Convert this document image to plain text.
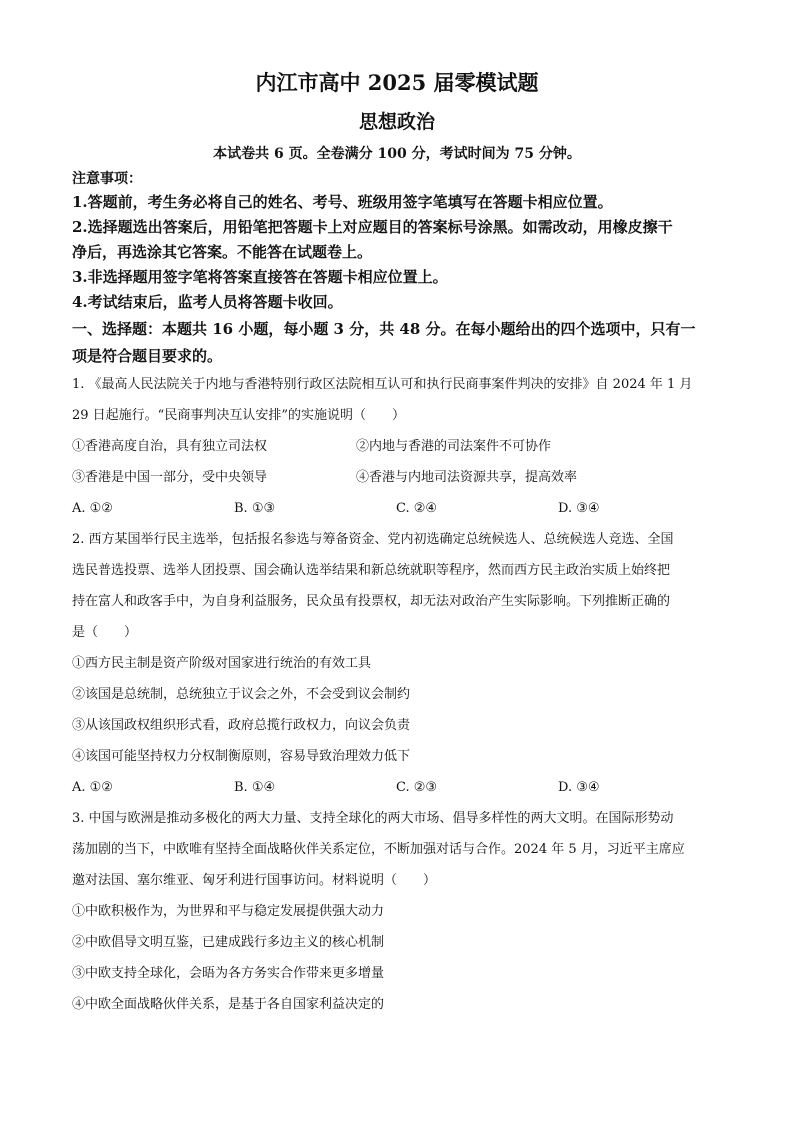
内江市高中 2025 届零模试题
思想政治
本试卷共 6 页。全卷满分 100 分，考试时间为 75 分钟。
注意事项：
1.答题前，考生务必将自己的姓名、考号、班级用签字笔填写在答题卡相应位置。
2.选择题选出答案后，用铅笔把答题卡上对应题目的答案标号涂黑。如需改动，用橡皮擦干
净后，再选涂其它答案。不能答在试题卷上。
3.非选择题用签字笔将答案直接答在答题卡相应位置上。
4.考试结束后，监考人员将答题卡收回。
一、选择题：本题共 16 小题，每小题 3 分，共 48 分。在每小题给出的四个选项中，只有一
项是符合题目要求的。
1. 《最高人民法院关于内地与香港特别行政区法院相互认可和执行民商事案件判决的安排》自 2024 年 1 月
29 日起施行。“民商事判决互认安排”的实施说明（　　）
①香港高度自治，具有独立司法权	②内地与香港的司法案件不可协作
③香港是中国一部分，受中央领导	④香港与内地司法资源共享，提高效率
A. ①②	B. ①③	C. ②④	D. ③④
2. 西方某国举行民主选举，包括报名参选与筹备资金、党内初选确定总统候选人、总统候选人竞选、全国
选民普选投票、选举人团投票、国会确认选举结果和新总统就职等程序，然而西方民主政治实质上始终把
持在富人和政客手中，为自身利益服务，民众虽有投票权，却无法对政治产生实际影响。下列推断正确的
是（　　）
①西方民主制是资产阶级对国家进行统治的有效工具
②该国是总统制，总统独立于议会之外，不会受到议会制约
③从该国政权组织形式看，政府总揽行政权力，向议会负责
④该国可能坚持权力分权制衡原则，容易导致治理效力低下
A. ①②	B. ①④	C. ②③	D. ③④
3. 中国与欧洲是推动多极化的两大力量、支持全球化的两大市场、倡导多样性的两大文明。在国际形势动
荡加剧的当下，中欧唯有坚持全面战略伙伴关系定位，不断加强对话与合作。2024 年 5 月，习近平主席应
邀对法国、塞尔维亚、匈牙利进行国事访问。材料说明（　　）
①中欧积极作为，为世界和平与稳定发展提供强大动力
②中欧倡导文明互鉴，已建成践行多边主义的核心机制
③中欧支持全球化，会晤为各方务实合作带来更多增量
④中欧全面战略伙伴关系，是基于各自国家利益决定的
